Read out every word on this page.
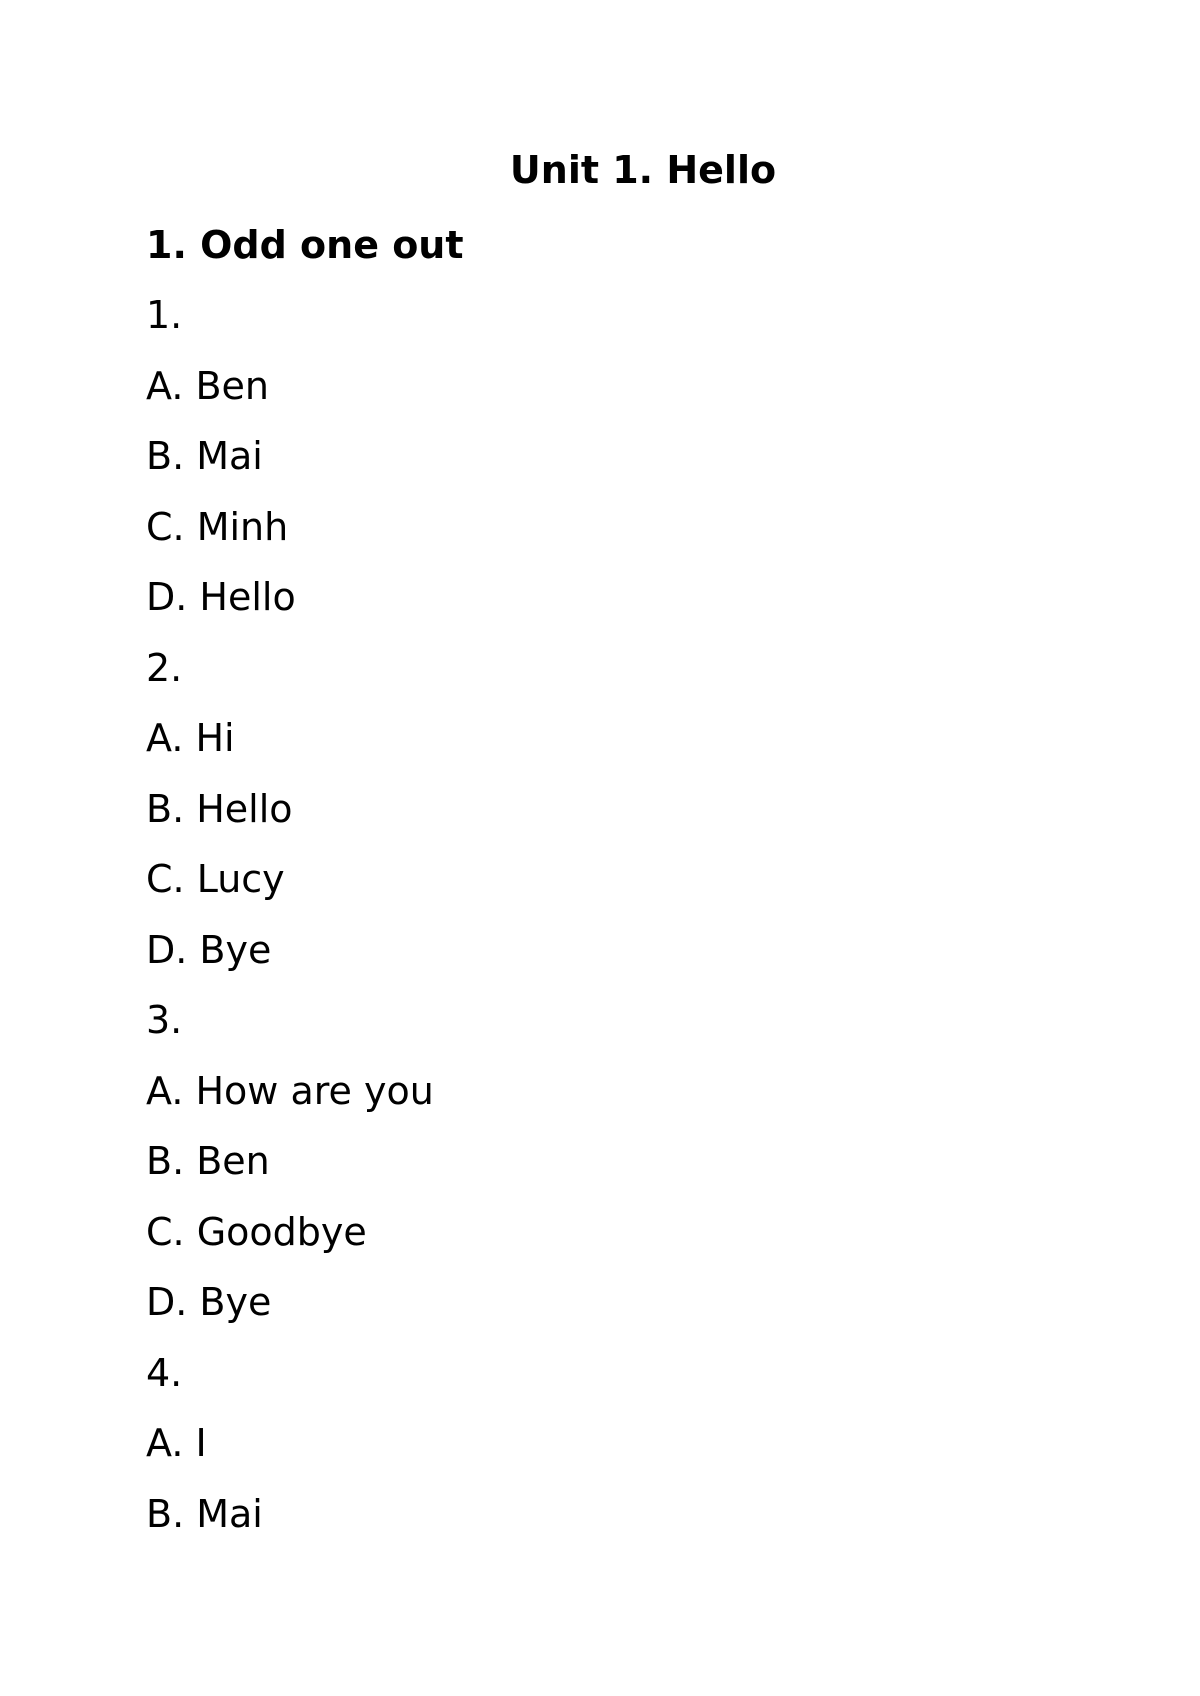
Unit 1. Hello

1. Odd one out

1.

A. Ben

B. Mai

C. Minh

D. Hello

2.

A. Hi

B. Hello

C. Lucy

D. Bye

3.

A. How are you

B. Ben

C. Goodbye

D. Bye

4.

A. I

B. Mai
